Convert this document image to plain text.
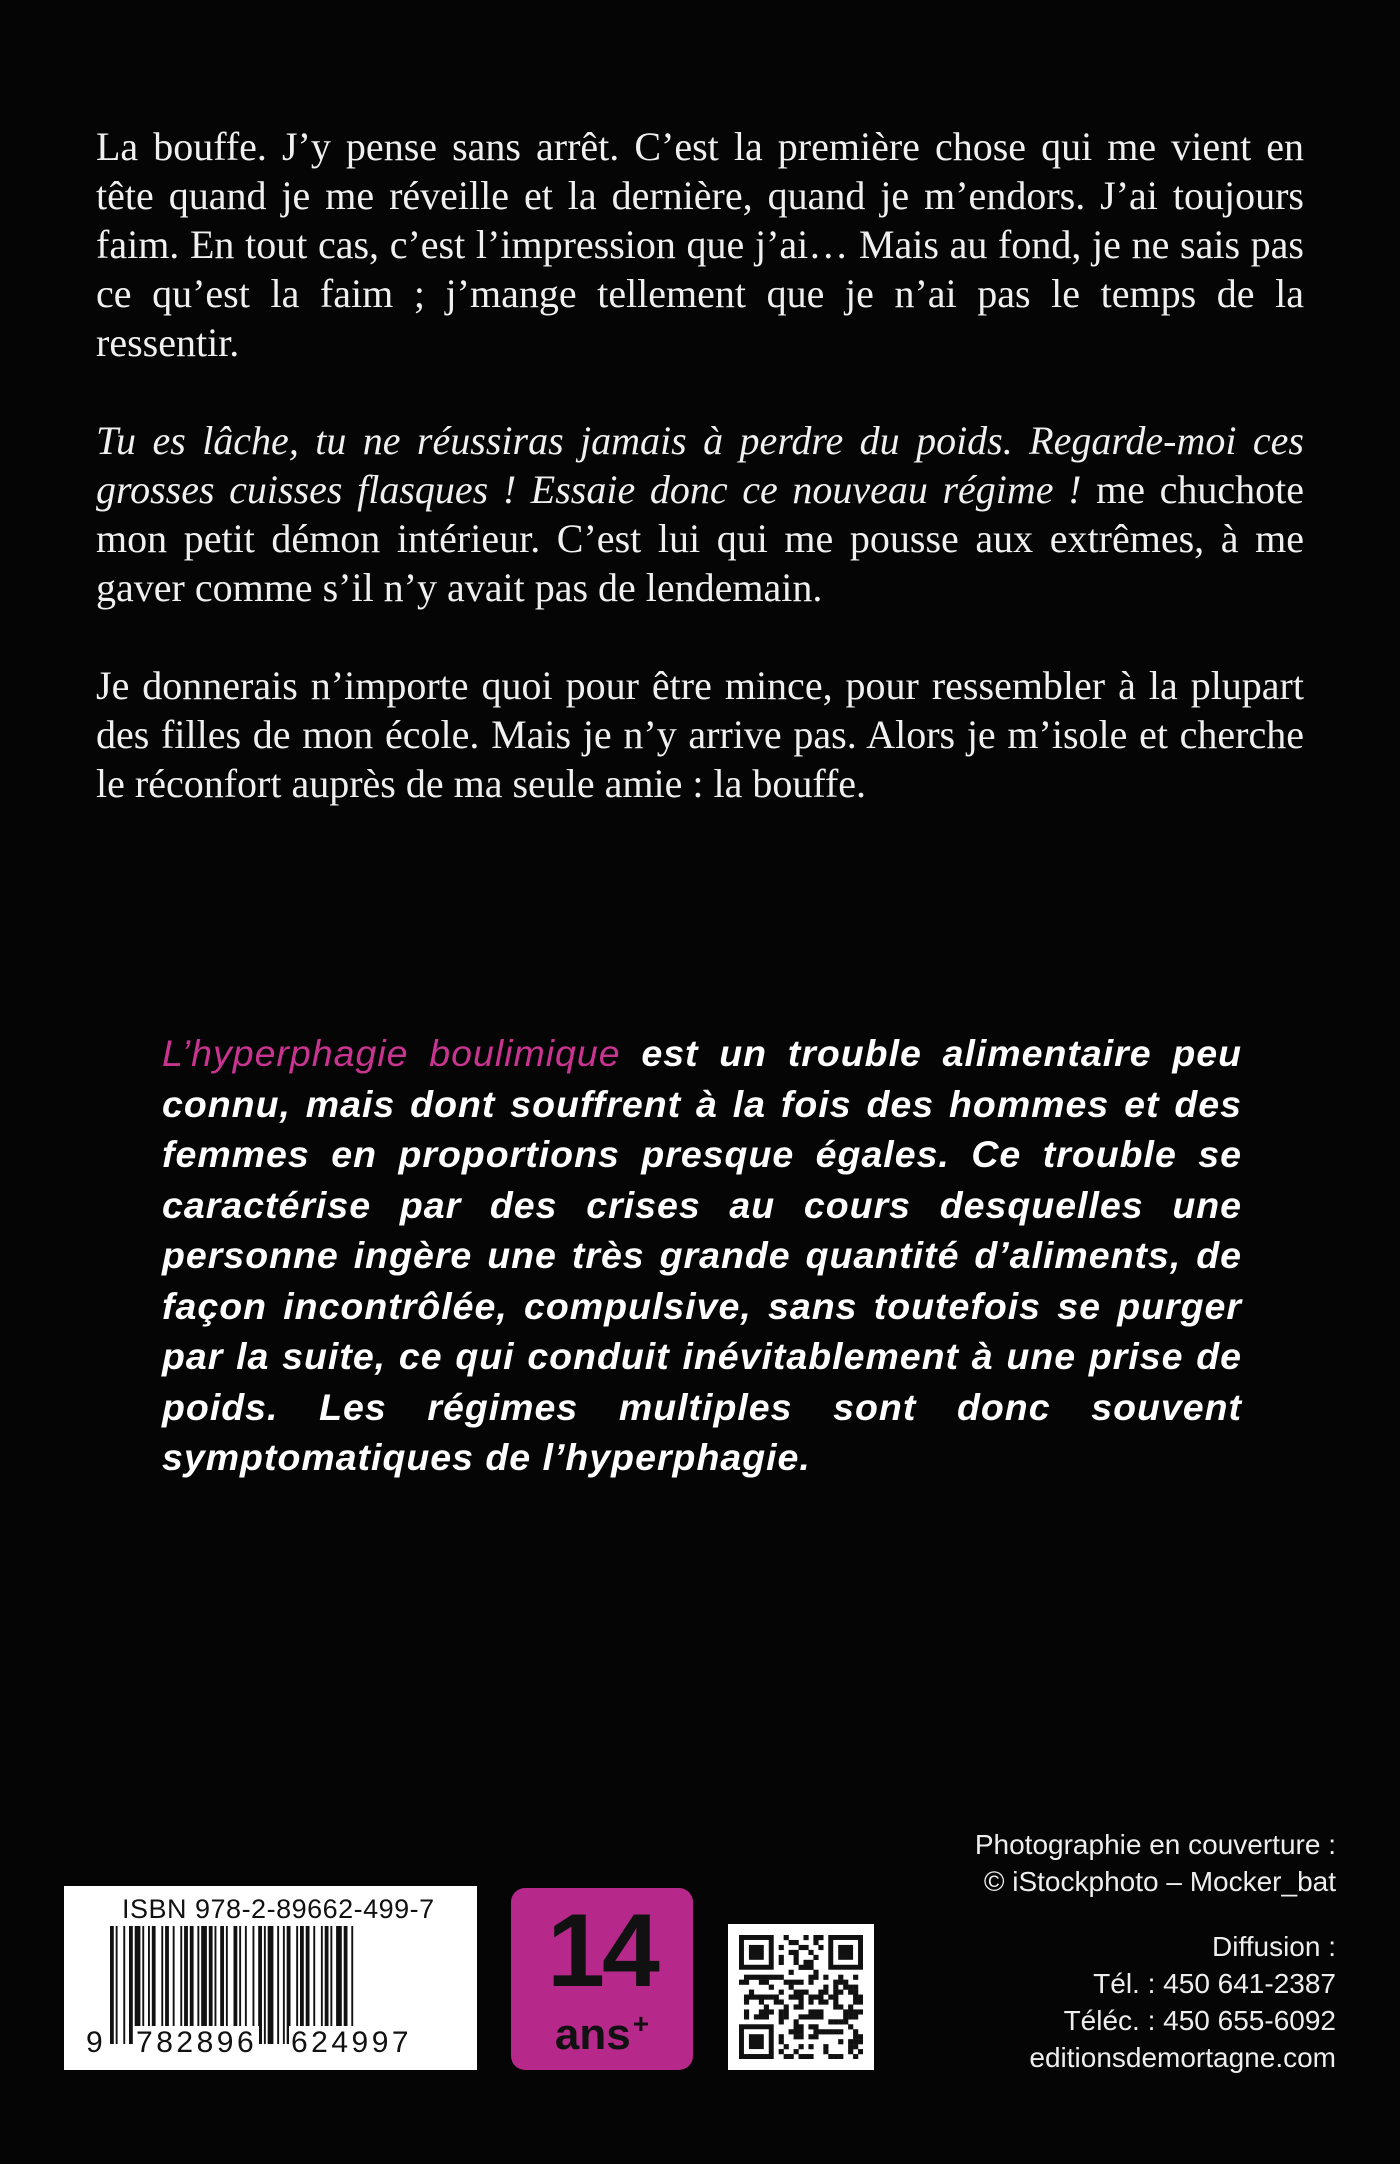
La bouffe. J’y pense sans arrêt. C’est la première chose qui me vient en tête quand je me réveille et la dernière, quand je m’endors. J’ai toujours faim. En tout cas, c’est l’impression que j’ai… Mais au fond, je ne sais pas ce qu’est la faim ; j’mange tellement que je n’ai pas le temps de la ressentir.

Tu es lâche, tu ne réussiras jamais à perdre du poids. Regarde-moi ces grosses cuisses flasques ! Essaie donc ce nouveau régime ! me chuchote mon petit démon intérieur. C’est lui qui me pousse aux extrêmes, à me gaver comme s’il n’y avait pas de lendemain.

Je donnerais n’importe quoi pour être mince, pour ressembler à la plupart des filles de mon école. Mais je n’y arrive pas. Alors je m’isole et cherche le réconfort auprès de ma seule amie : la bouffe.

L’hyperphagie boulimique est un trouble alimentaire peu connu, mais dont souffrent à la fois des hommes et des femmes en proportions presque égales. Ce trouble se caractérise par des crises au cours desquelles une personne ingère une très grande quantité d’aliments, de façon incontrôlée, compulsive, sans toutefois se purger par la suite, ce qui conduit inévitablement à une prise de poids. Les régimes multiples sont donc souvent symptomatiques de l’hyperphagie.
Photographie en couverture :
© iStockphoto – Mocker_bat
Diffusion :
Tél. : 450 641-2387
Téléc. : 450 655-6092
editionsdemortagne.com
ISBN 978-2-89662-499-7
9 782896 624997
14
ans+
